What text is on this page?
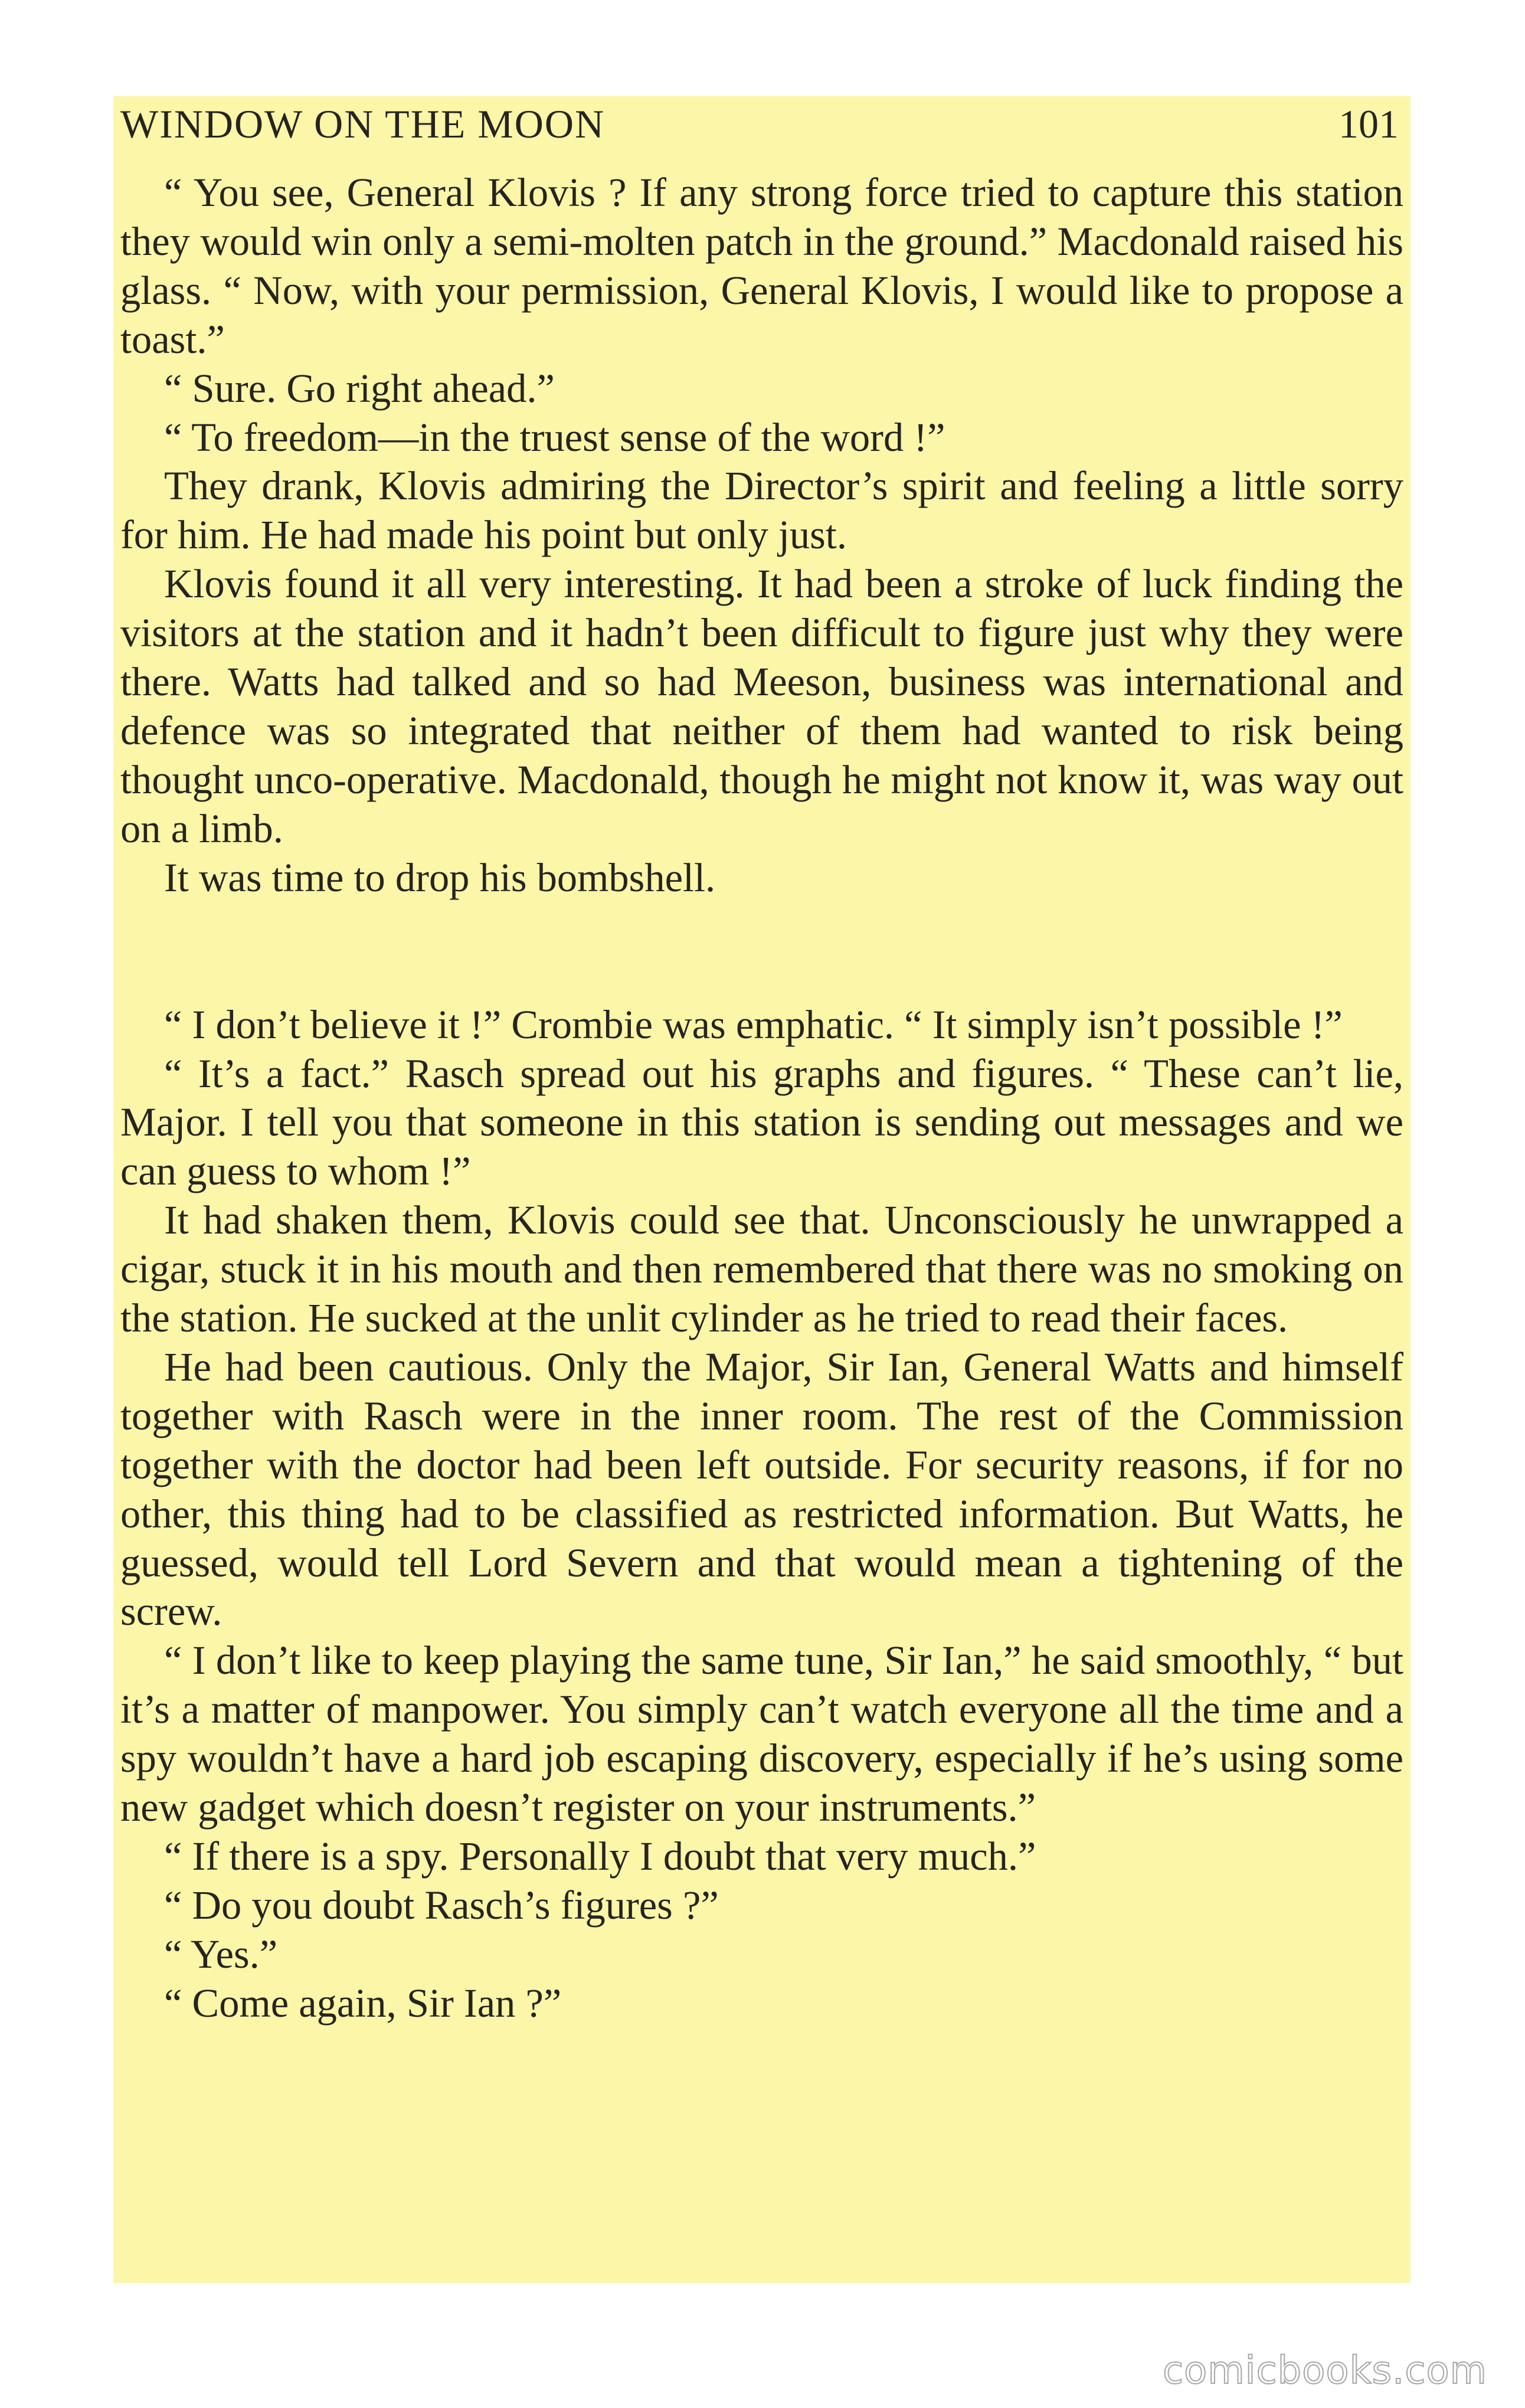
WINDOW ON THE MOON	101

“ You see, General Klovis ? If any strong force tried to capture this station they would win only a semi-molten patch in the ground.” Macdonald raised his glass. “ Now, with your permission, General Klovis, I would like to propose a toast.”

“ Sure. Go right ahead.”

“ To freedom—in the truest sense of the word !”

They drank, Klovis admiring the Director’s spirit and feeling a little sorry for him. He had made his point but only just.

Klovis found it all very interesting. It had been a stroke of luck finding the visitors at the station and it hadn’t been difficult to figure just why they were there. Watts had talked and so had Meeson, business was international and defence was so integrated that neither of them had wanted to risk being thought unco-operative. Macdonald, though he might not know it, was way out on a limb.

It was time to drop his bombshell.

“ I don’t believe it !” Crombie was emphatic. “ It simply isn’t possible !”

“ It’s a fact.” Rasch spread out his graphs and figures. “ These can’t lie, Major. I tell you that someone in this station is sending out messages and we can guess to whom !”

It had shaken them, Klovis could see that. Unconsciously he unwrapped a cigar, stuck it in his mouth and then remembered that there was no smoking on the station. He sucked at the unlit cylinder as he tried to read their faces.

He had been cautious. Only the Major, Sir Ian, General Watts and himself together with Rasch were in the inner room. The rest of the Commission together with the doctor had been left outside. For security reasons, if for no other, this thing had to be classified as restricted information. But Watts, he guessed, would tell Lord Severn and that would mean a tightening of the screw.

“ I don’t like to keep playing the same tune, Sir Ian,” he said smoothly, “ but it’s a matter of manpower. You simply can’t watch everyone all the time and a spy wouldn’t have a hard job escaping discovery, especially if he’s using some new gadget which doesn’t register on your instruments.”

“ If there is a spy. Personally I doubt that very much.”

“ Do you doubt Rasch’s figures ?”

“ Yes.”

“ Come again, Sir Ian ?”

comicbooks.com
